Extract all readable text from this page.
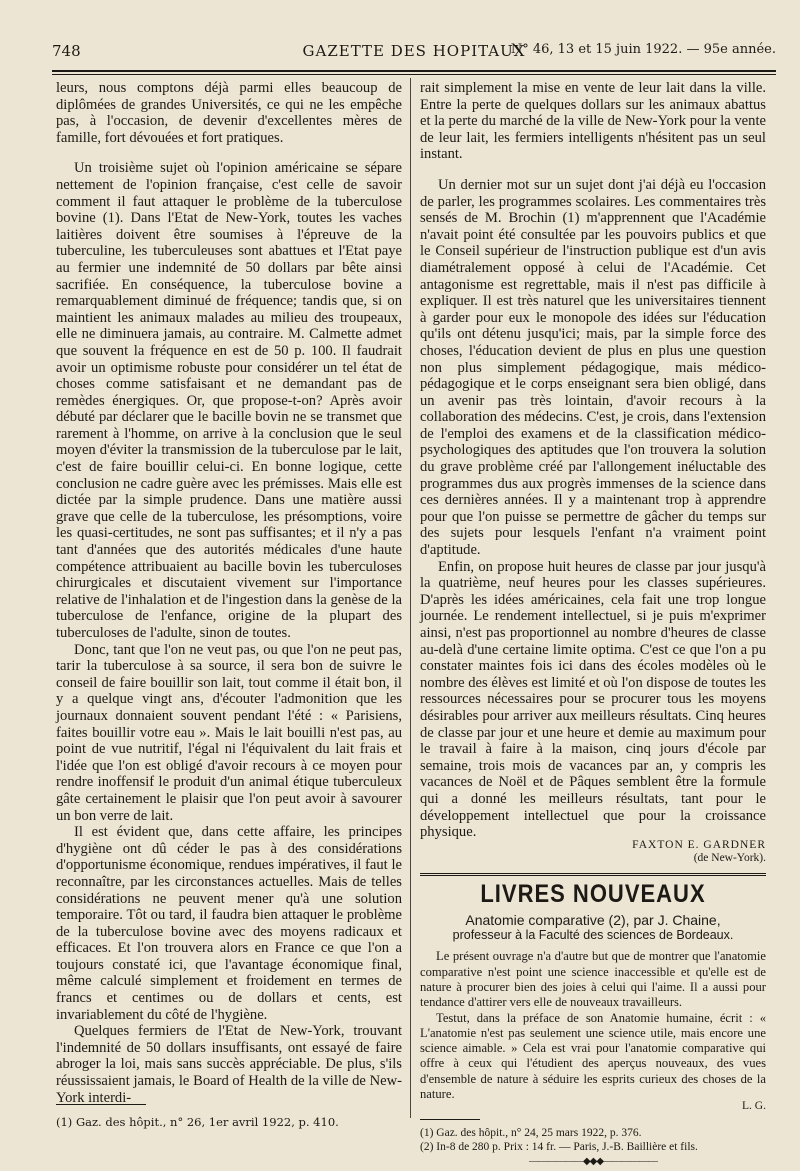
748	GAZETTE DES HOPITAUX
N° 46, 13 et 15 juin 1922. — 95e année.

leurs, nous comptons déjà parmi elles beaucoup de diplômées de grandes Universités, ce qui ne les empêche pas, à l'occasion, de devenir d'excellentes mères de famille, fort dévouées et fort pratiques.

Un troisième sujet où l'opinion américaine se sépare nettement de l'opinion française, c'est celle de savoir comment il faut attaquer le problème de la tuberculose bovine (1). Dans l'Etat de New-York, toutes les vaches laitières doivent être soumises à l'épreuve de la tuberculine, les tuberculeuses sont abattues et l'Etat paye au fermier une indemnité de 50 dollars par bête ainsi sacrifiée. En conséquence, la tuberculose bovine a remarquablement diminué de fréquence; tandis que, si on maintient les animaux malades au milieu des troupeaux, elle ne diminuera jamais, au contraire. M. Calmette admet que souvent la fréquence en est de 50 p. 100. Il faudrait avoir un optimisme robuste pour considérer un tel état de choses comme satisfaisant et ne demandant pas de remèdes énergiques. Or, que propose-t-on? Après avoir débuté par déclarer que le bacille bovin ne se transmet que rarement à l'homme, on arrive à la conclusion que le seul moyen d'éviter la transmission de la tuberculose par le lait, c'est de faire bouillir celui-ci. En bonne logique, cette conclusion ne cadre guère avec les prémisses. Mais elle est dictée par la simple prudence. Dans une matière aussi grave que celle de la tuberculose, les présomptions, voire les quasi-certitudes, ne sont pas suffisantes; et il n'y a pas tant d'années que des autorités médicales d'une haute compétence attribuaient au bacille bovin les tuberculoses chirurgicales et discutaient vivement sur l'importance relative de l'inhalation et de l'ingestion dans la genèse de la tuberculose de l'enfance, origine de la plupart des tuberculoses de l'adulte, sinon de toutes.

Donc, tant que l'on ne veut pas, ou que l'on ne peut pas, tarir la tuberculose à sa source, il sera bon de suivre le conseil de faire bouillir son lait, tout comme il était bon, il y a quelque vingt ans, d'écouter l'admonition que les journaux donnaient souvent pendant l'été : « Parisiens, faites bouillir votre eau ». Mais le lait bouilli n'est pas, au point de vue nutritif, l'égal ni l'équivalent du lait frais et l'idée que l'on est obligé d'avoir recours à ce moyen pour rendre inoffensif le produit d'un animal étique tuberculeux gâte certainement le plaisir que l'on peut avoir à savourer un bon verre de lait.

Il est évident que, dans cette affaire, les principes d'hygiène ont dû céder le pas à des considérations d'opportunisme économique, rendues impératives, il faut le reconnaître, par les circonstances actuelles. Mais de telles considérations ne peuvent mener qu'à une solution temporaire. Tôt ou tard, il faudra bien attaquer le problème de la tuberculose bovine avec des moyens radicaux et efficaces. Et l'on trouvera alors en France ce que l'on a toujours constaté ici, que l'avantage économique final, même calculé simplement et froidement en termes de francs et centimes ou de dollars et cents, est invariablement du côté de l'hygiène.

Quelques fermiers de l'Etat de New-York, trouvant l'indemnité de 50 dollars insuffisants, ont essayé de faire abroger la loi, mais sans succès appréciable. De plus, s'ils réussissaient jamais, le Board of Health de la ville de New-York interdi-

(1) Gaz. des hôpit., n° 26, 1er avril 1922, p. 410.

rait simplement la mise en vente de leur lait dans la ville. Entre la perte de quelques dollars sur les animaux abattus et la perte du marché de la ville de New-York pour la vente de leur lait, les fermiers intelligents n'hésitent pas un seul instant.

Un dernier mot sur un sujet dont j'ai déjà eu l'occasion de parler, les programmes scolaires. Les commentaires très sensés de M. Brochin (1) m'apprennent que l'Académie n'avait point été consultée par les pouvoirs publics et que le Conseil supérieur de l'instruction publique est d'un avis diamétralement opposé à celui de l'Académie. Cet antagonisme est regrettable, mais il n'est pas difficile à expliquer. Il est très naturel que les universitaires tiennent à garder pour eux le monopole des idées sur l'éducation qu'ils ont détenu jusqu'ici; mais, par la simple force des choses, l'éducation devient de plus en plus une question non plus simplement pédagogique, mais médico-pédagogique et le corps enseignant sera bien obligé, dans un avenir pas très lointain, d'avoir recours à la collaboration des médecins. C'est, je crois, dans l'extension de l'emploi des examens et de la classification médico-psychologiques des aptitudes que l'on trouvera la solution du grave problème créé par l'allongement inéluctable des programmes dus aux progrès immenses de la science dans ces dernières années. Il y a maintenant trop à apprendre pour que l'on puisse se permettre de gâcher du temps sur des sujets pour lesquels l'enfant n'a vraiment point d'aptitude.

Enfin, on propose huit heures de classe par jour jusqu'à la quatrième, neuf heures pour les classes supérieures. D'après les idées américaines, cela fait une trop longue journée. Le rendement intellectuel, si je puis m'exprimer ainsi, n'est pas proportionnel au nombre d'heures de classe au-delà d'une certaine limite optima. C'est ce que l'on a pu constater maintes fois ici dans des écoles modèles où le nombre des élèves est limité et où l'on dispose de toutes les ressources nécessaires pour se procurer tous les moyens désirables pour arriver aux meilleurs résultats. Cinq heures de classe par jour et une heure et demie au maximum pour le travail à faire à la maison, cinq jours d'école par semaine, trois mois de vacances par an, y compris les vacances de Noël et de Pâques semblent être la formule qui a donné les meilleurs résultats, tant pour le développement intellectuel que pour la croissance physique.

FAXTON E. GARDNER
(de New-York).
LIVRES NOUVEAUX
Anatomie comparative (2), par J. Chaine,
professeur à la Faculté des sciences de Bordeaux.

Le présent ouvrage n'a d'autre but que de montrer que l'anatomie comparative n'est point une science inaccessible et qu'elle est de nature à procurer bien des joies à celui qui l'aime. Il a aussi pour tendance d'attirer vers elle de nouveaux travailleurs.

Testut, dans la préface de son Anatomie humaine, écrit : « L'anatomie n'est pas seulement une science utile, mais encore une science aimable. » Cela est vrai pour l'anatomie comparative qui offre à ceux qui l'étudient des aperçus nouveaux, des vues d'ensemble de nature à séduire les esprits curieux des choses de la nature.

L. G.

(1) Gaz. des hôpit., n° 24, 25 mars 1922, p. 376.

(2) In-8 de 280 p. Prix : 14 fr. — Paris, J.-B. Baillière et fils.

——————◆◆◆——————
